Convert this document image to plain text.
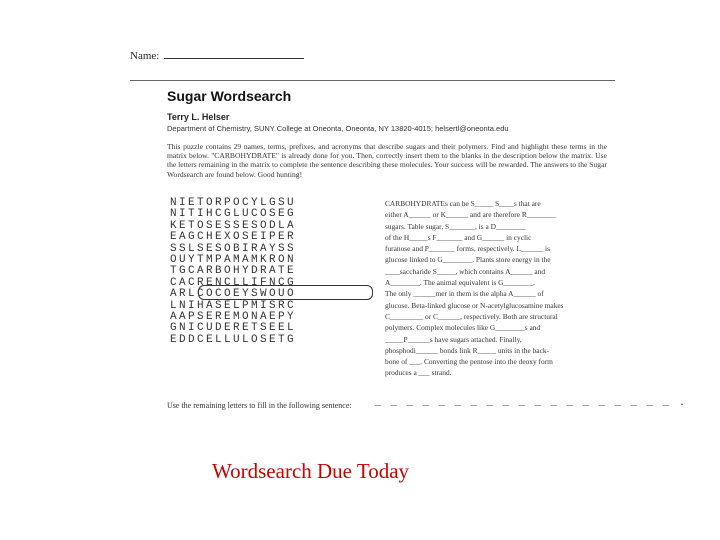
Name:
Sugar Wordsearch
Terry L. Helser
Department of Chemistry, SUNY College at Oneonta, Oneonta, NY 13820-4015; helsertl@oneonta.edu
This puzzle contains 29 names, terms, prefixes, and acronyms that describe sugars and their polymers. Find and highlight these terms in the matrix below. "CARBOHYDRATE" is already done for you. Then, correctly insert them to the blanks in the description below the matrix. Use the letters remaining in the matrix to complete the sentence describing these molecules. Your success will be rewarded. The answers to the Sugar Wordsearch are found below. Good hunting!
NIETORPOCYLGSU
NITIHCGLUCOSEG
KETOSESSESODLA
EAGCHEXOSEIPER
SSLSESOBIRAYSS
OUYTMPAMAMKRON
TGCARBOHYDRATE
CACRENCLLIFNCG
ARLCOCOEYSWOUO
LNIHASELPMISRC
AAPSEREMONAEPY
GNICUDERETSEEL
EDDCELLULOSETG
CARBOHYDRATEs can be S_____ S____s that are
either A______ or K______ and are therefore R________
sugars. Table sugar, S_______, is a D________
of the H_____s F_______ and G______ in cyclic
furanose and P_______ forms, respectively. L______ is
glucose linked to G________. Plants store energy in the
____saccharide S_____, which contains A______ and
A________. The animal equivalent is G________.
The only ______mer in them is the alpha A______ of
glucose. Beta-linked glucose or N-acetylglucosamine makes
C_________ or C______, respectively. Both are structural
polymers. Complex molecules like G________s and
_____P______s have sugars attached. Finally,
phosphodi______ bonds link R_____ units in the back-
bone of ___. Converting the pentose into the deoxy form
produces a ___ strand.
Use the remaining letters to fill in the following sentence: _ _ _ _ _ _ _ _ _ _ _ _ _ _ _ _ _ _ _ .
Wordsearch Due Today
